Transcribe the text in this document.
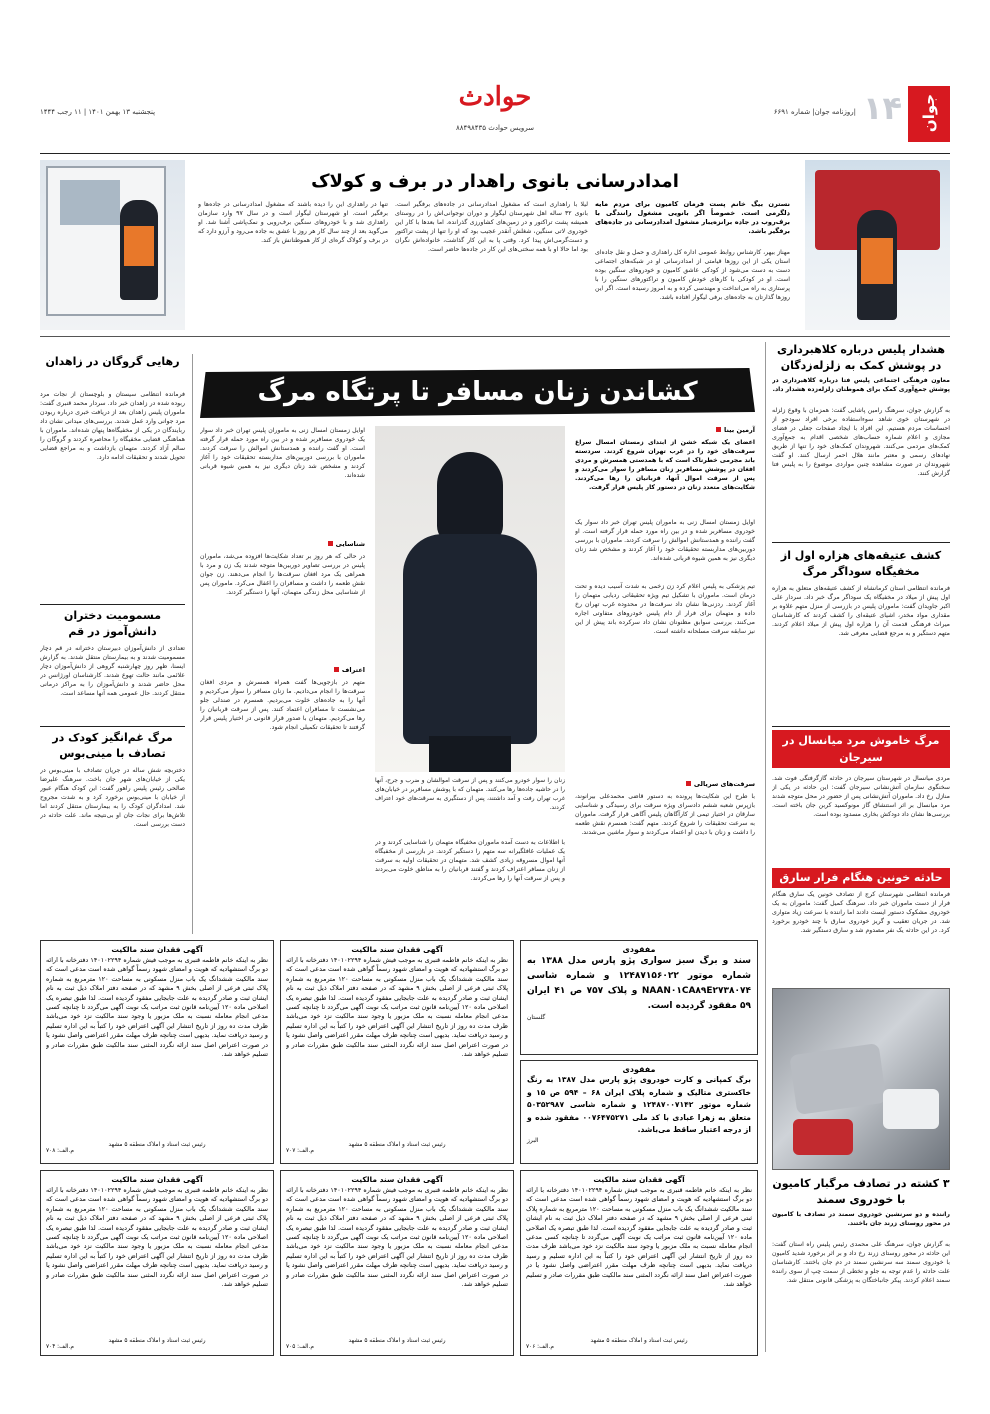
جوان
۱۴
|روزنامه جوان| شماره ۶۶۹۱
حوادث
سرویس حوادث ۸۸۴۹۸۴۳۵
پنجشنبه ۱۳ بهمن ۱۴۰۱ | ۱۱ رجب ۱۴۴۴
امدادرسانی بانوی راهدار در برف و کولاک
نسترن بیگ خانم پست فرمان کامیون برای مردم مایه دلگرمی است. خصوصاً اگر بانویی مشغول رانندگی با برف‌روب در جاده برانزه‌یبار مشغول امدادرسانی در جاده‌های برفگیر باشد.
مهناز بیهر، کارشناس روابط عمومی اداره کل راهداری و حمل و نقل جاده‌ای استان یکی از این روزها قیامتی از امدادرسانی او در شبکه‌های اجتماعی دست به دست می‌شود از کودکی عاشق کامیون و خودروهای سنگین بوده است. او در کودکی با کارهای خودش کامیون و تراکتورهای سنگین را با پرستاری به راه می‌انداخت و مهندسی کرده و به امروز رسیده است. اگر این روزها گذارتان به جاده‌های برفی لیگوار افتاده باشد.
لیلا با راهداری است که مشغول امدادرسانی در جاده‌های برفگیر است. بانوی ۳۲ ساله اهل شهرستان لیگوار و دوران نوجوانی‌اش را در روستای همیشه پشت تراکتور و در زمین‌های کشاورزی گذرانده. اما بعدها با کار این خودروی لاتی سنگین، شغلش آنقدر عجیب بود که او را تنها از پشت تراکتور و دست‌گرمی‌اش پیدا کرد. وقتی پا به این کار گذاشت، خانواده‌اش نگران بود اما حالا او با همه سختی‌های این کار در جاده‌ها حاضر است.
تنها در راهداری این را دیده باشند که مشغول امدادرسانی در جاده‌ها و برفگیر است. او شهرستان لیگوار است و در سال ۹۷ وارد سازمان راهداری شد و با خودروهای سنگین برف‌روبی و نمک‌پاشی آشنا شد. او می‌گوید بعد از چند سال کار هر روز با عشق به جاده می‌رود و آرزو دارد که در برف و کولاک گره‌ای از کار هموطنانش باز کند.
هشدار پلیس درباره کلاهبرداری در پوشش کمک به زلزله‌زدگان
معاون فرهنگی اجتماعی پلیس فتا درباره کلاهبرداری در پوشش جمع‌آوری کمک برای هموطنان زلزله‌زده هشدار داد.
به گزارش جوان، سرهنگ رامین پاشایی گفت: همزمان با وقوع زلزله در شهرستان خوی شاهد سوءاستفاده برخی افراد سودجو از احساسات مردم هستیم. این افراد با ایجاد صفحات جعلی در فضای مجازی و اعلام شماره حساب‌های شخصی اقدام به جمع‌آوری کمک‌های مردمی می‌کنند. شهروندان کمک‌های خود را تنها از طریق نهادهای رسمی و معتبر مانند هلال احمر ارسال کنند. او گفت شهروندان در صورت مشاهده چنین مواردی موضوع را به پلیس فتا گزارش کنند.
کشف عتیقه‌های هزاره اول از مخفیگاه سوداگر مرگ
فرمانده انتظامی استان کرمانشاه از کشف عتیقه‌های متعلق به هزاره اول پیش از میلاد در مخفیگاه یک سوداگر مرگ خبر داد. سردار علی اکبر جاویدان گفت: ماموران پلیس در بازرسی از منزل متهم علاوه بر مقداری مواد مخدر، اشیای عتیقه‌ای را کشف کردند که کارشناسان میراث فرهنگی قدمت آن را هزاره اول پیش از میلاد اعلام کردند. متهم دستگیر و به مرجع قضایی معرفی شد.
مرگ خاموش مرد میانسال در سیرجان
مردی میانسال در شهرستان سیرجان در حادثه گازگرفتگی فوت شد. سخنگوی سازمان آتش‌نشانی سیرجان گفت: این حادثه در یکی از منازل رخ داد. ماموران آتش‌نشانی پس از حضور در محل متوجه شدند مرد میانسال بر اثر استنشاق گاز مونوکسید کربن جان باخته است. بررسی‌ها نشان داد دودکش بخاری مسدود بوده است.
حادثه خونین هنگام فرار سارق
فرمانده انتظامی شهرستان کرج از تصادف خونین یک سارق هنگام فرار از دست ماموران خبر داد. سرهنگ کمیل گفت: ماموران به یک خودروی مشکوک دستور ایست دادند اما راننده با سرعت زیاد متواری شد. در جریان تعقیب و گریز خودروی سارق با چند خودرو برخورد کرد. در این حادثه یک نفر مصدوم شد و سارق دستگیر شد.
۳ کشته در تصادف مرگبار کامیون با خودروی سمند
راننده و دو سرنشین خودروی سمند در تصادف با کامیون در محور روستای زرند جان باختند.
به گزارش جوان، سرهنگ علی محمدی رئیس پلیس راه استان گفت: این حادثه در محور روستای زرند رخ داد و بر اثر برخورد شدید کامیون با خودروی سمند سه سرنشین سمند در دم جان باختند. کارشناسان علت حادثه را عدم توجه به جلو و تخطی از سمت چپ از سوی راننده سمند اعلام کردند. پیکر جانباختگان به پزشکی قانونی منتقل شد.
رهایی گروگان در زاهدان
فرمانده انتظامی سیستان و بلوچستان از نجات مرد ربوده شده در زاهدان خبر داد. سردار محمد قنبری گفت: ماموران پلیس زاهدان بعد از دریافت خبری درباره ربودن مرد جوانی وارد عمل شدند. بررسی‌های میدانی نشان داد ربایندگان در یکی از مخفیگاه‌ها پنهان شده‌اند. ماموران با هماهنگی قضایی مخفیگاه را محاصره کردند و گروگان را سالم آزاد کردند. متهمان بازداشت و به مراجع قضایی تحویل شدند و تحقیقات ادامه دارد.
مسمومیت دختران دانش‌آموز در قم
تعدادی از دانش‌آموزان دبیرستان دخترانه در قم دچار مسمومیت شدند و به بیمارستان منتقل شدند. به گزارش ایسنا، ظهر روز چهارشنبه گروهی از دانش‌آموزان دچار علائمی مانند حالت تهوع شدند. کارشناسان اورژانس در محل حاضر شدند و دانش‌آموزان را به مراکز درمانی منتقل کردند. حال عمومی همه آنها مساعد است.
مرگ غم‌انگیز کودک در تصادف با مینی‌بوس
دختربچه شش ساله در جریان تصادف با مینی‌بوس در یکی از خیابان‌های شهر جان باخت. سرهنگ علیرضا صالحی رئیس پلیس راهور گفت: این کودک هنگام عبور از خیابان با مینی‌بوس برخورد کرد و به شدت مجروح شد. امدادگران کودک را به بیمارستان منتقل کردند اما تلاش‌ها برای نجات جان او بی‌نتیجه ماند. علت حادثه در دست بررسی است.
کشاندن زنان مسافر تا پرتگاه مرگ
آرمین بینا
اعضای یک شبکه خشن از ابتدای زمستان امسال سراغ سرقت‌های خود را در غرب تهران شروع کردند. سردسته باند مجرمی خطرناک است که با همدستی همسرش و مردی افغان در پوشش مسافربر زنان مسافر را سوار می‌کردند و پس از سرقت اموال آنها، قربانیان را رها می‌کردند. شکایت‌های متعدد زنان در دستور کار پلیس قرار گرفت.
اوایل زمستان امسال زنی به ماموران پلیس تهران خبر داد سوار یک خودروی مسافربر شده و در بین راه مورد حمله قرار گرفته است. او گفت راننده و همدستانش اموالش را سرقت کردند. ماموران با بررسی دوربین‌های مداربسته تحقیقات خود را آغاز کردند و مشخص شد زنان دیگری نیز به همین شیوه قربانی شده‌اند.
تیم پزشکی به پلیس اعلام کرد زن زخمی به شدت آسیب دیده و تحت درمان است. ماموران با تشکیل تیم ویژه تحقیقاتی ردیابی متهمان را آغاز کردند. ردزنی‌ها نشان داد سرقت‌ها در محدوده غرب تهران رخ داده و متهمان برای فرار از دام پلیس خودروهای متفاوتی اجاره می‌کنند. بررسی سوابق مظنونان نشان داد سرکرده باند پیش از این نیز سابقه سرقت مسلحانه داشته است.
سرقت‌های سریالی
با طرح این شکایت‌ها پرونده به دستور قاضی محمدعلی بیرانوند، بازپرس شعبه ششم دادسرای ویژه سرقت برای رسیدگی و شناسایی سارقان در اختیار تیمی از کارآگاهان پلیس آگاهی قرار گرفت. ماموران به سرعت تحقیقات را شروع کردند. متهم گفت: همسرم نقش طعمه را داشت و زنان با دیدن او اعتماد می‌کردند و سوار ماشین می‌شدند.
زنان را سوار خودرو می‌کنند و پس از سرقت اموالشان و ضرب و جرح، آنها را در حاشیه جاده‌ها رها می‌کنند. متهمان که با پوشش مسافربر در خیابان‌های غرب تهران رفت و آمد داشتند، پس از دستگیری به سرقت‌های خود اعتراف کردند.
با اطلاعات به دست آمده ماموران مخفیگاه متهمان را شناسایی کردند و در یک عملیات غافلگیرانه سه متهم را دستگیر کردند. در بازرسی از مخفیگاه آنها اموال مسروقه زیادی کشف شد. متهمان در تحقیقات اولیه به سرقت از زنان مسافر اعتراف کردند و گفتند قربانیان را به مناطق خلوت می‌بردند و پس از سرقت آنها را رها می‌کردند.
اوایل زمستان امسال زنی به ماموران پلیس تهران خبر داد سوار یک خودروی مسافربر شده و در بین راه مورد حمله قرار گرفته است. او گفت راننده و همدستانش اموالش را سرقت کردند. ماموران با بررسی دوربین‌های مداربسته تحقیقات خود را آغاز کردند و مشخص شد زنان دیگری نیز به همین شیوه قربانی شده‌اند.
شناسایی
در حالی که هر روز بر تعداد شکایت‌ها افزوده می‌شد، ماموران پلیس در بررسی تصاویر دوربین‌ها متوجه شدند یک زن و مرد با همراهی یک مرد افغان سرقت‌ها را انجام می‌دهند. زن جوان نقش طعمه را داشت و مسافران را اغفال می‌کرد. ماموران پس از شناسایی محل زندگی متهمان، آنها را دستگیر کردند.
اعتراف
متهم در بازجویی‌ها گفت همراه همسرش و مردی افغان سرقت‌ها را انجام می‌دادیم. ما زنان مسافر را سوار می‌کردیم و آنها را به جاده‌های خلوت می‌بردیم. همسرم در صندلی جلو می‌نشست تا مسافران اعتماد کنند. پس از سرقت قربانیان را رها می‌کردیم. متهمان با صدور قرار قانونی در اختیار پلیس قرار گرفتند تا تحقیقات تکمیلی انجام شود.
مفقودی
سند و برگ سبز سواری پژو پارس مدل ۱۳۸۸ به شماره موتور ۱۲۴۸۷۱۵۶۰۲۲ و شماره شاسی NAAN۰۱CA۸۹E۲۷۳۸۰۷۴ و پلاک ۷۵۷ ص ۴۱ ایران ۵۹ مفقود گردیده است.
گلستان
مفقودی
برگ کمپانی و کارت خودروی پژو پارس مدل ۱۳۸۷ به رنگ خاکستری متالیک و شماره پلاک ایران ۶۸ – ۵۹۴ ص ۱۵ و شماره موتور ۱۲۴۸۷۰۰۷۱۴۲ و شماره شاسی ۵۰۳۵۲۹۸۷ متعلق به زهرا عبادی با کد ملی ۰۰۷۶۴۷۵۲۷۱ مفقود شده و از درجه اعتبار ساقط می‌باشد.
البرز
آگهی فقدان سند مالکیت
نظر به اینکه خانم فاطمه قنبری به موجب فیش شماره ۱۴۰۱۰۲۲۹۴ دفترخانه با ارائه دو برگ استشهادیه که هویت و امضای شهود رسماً گواهی شده است مدعی است که سند مالکیت ششدانگ یک باب منزل مسکونی به مساحت ۱۲۰ مترمربع به شماره پلاک ثبتی فرعی از اصلی بخش ۹ مشهد که در صفحه دفتر املاک ذیل ثبت به نام ایشان ثبت و صادر گردیده به علت جابجایی مفقود گردیده است. لذا طبق تبصره یک اصلاحی ماده ۱۲۰ آیین‌نامه قانون ثبت مراتب یک نوبت آگهی می‌گردد تا چنانچه کسی مدعی انجام معامله نسبت به ملک مزبور یا وجود سند مالکیت نزد خود می‌باشد ظرف مدت ده روز از تاریخ انتشار این آگهی اعتراض خود را کتباً به این اداره تسلیم و رسید دریافت نماید. بدیهی است چنانچه ظرف مهلت مقرر اعتراضی واصل نشود یا در صورت اعتراض اصل سند ارائه نگردد المثنی سند مالکیت طبق مقررات صادر و تسلیم خواهد شد.
رئیس ثبت اسناد و املاک منطقه ۵ مشهد
م.الف: ۷۰۷
آگهی فقدان سند مالکیت
نظر به اینکه خانم فاطمه قنبری به موجب فیش شماره ۱۴۰۱۰۲۲۹۴ دفترخانه با ارائه دو برگ استشهادیه که هویت و امضای شهود رسماً گواهی شده است مدعی است که سند مالکیت ششدانگ یک باب منزل مسکونی به مساحت ۱۲۰ مترمربع به شماره پلاک ثبتی فرعی از اصلی بخش ۹ مشهد که در صفحه دفتر املاک ذیل ثبت به نام ایشان ثبت و صادر گردیده به علت جابجایی مفقود گردیده است. لذا طبق تبصره یک اصلاحی ماده ۱۲۰ آیین‌نامه قانون ثبت مراتب یک نوبت آگهی می‌گردد تا چنانچه کسی مدعی انجام معامله نسبت به ملک مزبور یا وجود سند مالکیت نزد خود می‌باشد ظرف مدت ده روز از تاریخ انتشار این آگهی اعتراض خود را کتباً به این اداره تسلیم و رسید دریافت نماید. بدیهی است چنانچه ظرف مهلت مقرر اعتراضی واصل نشود یا در صورت اعتراض اصل سند ارائه نگردد المثنی سند مالکیت طبق مقررات صادر و تسلیم خواهد شد.
رئیس ثبت اسناد و املاک منطقه ۵ مشهد
م.الف: ۷۰۸
آگهی فقدان سند مالکیت
نظر به اینکه خانم فاطمه قنبری به موجب فیش شماره ۱۴۰۱۰۲۲۹۴ دفترخانه با ارائه دو برگ استشهادیه که هویت و امضای شهود رسماً گواهی شده است مدعی است که سند مالکیت ششدانگ یک باب منزل مسکونی به مساحت ۱۲۰ مترمربع به شماره پلاک ثبتی فرعی از اصلی بخش ۹ مشهد که در صفحه دفتر املاک ذیل ثبت به نام ایشان ثبت و صادر گردیده به علت جابجایی مفقود گردیده است. لذا طبق تبصره یک اصلاحی ماده ۱۲۰ آیین‌نامه قانون ثبت مراتب یک نوبت آگهی می‌گردد تا چنانچه کسی مدعی انجام معامله نسبت به ملک مزبور یا وجود سند مالکیت نزد خود می‌باشد ظرف مدت ده روز از تاریخ انتشار این آگهی اعتراض خود را کتباً به این اداره تسلیم و رسید دریافت نماید. بدیهی است چنانچه ظرف مهلت مقرر اعتراضی واصل نشود یا در صورت اعتراض اصل سند ارائه نگردد المثنی سند مالکیت طبق مقررات صادر و تسلیم خواهد شد.
رئیس ثبت اسناد و املاک منطقه ۵ مشهد
م.الف: ۷۰۶
آگهی فقدان سند مالکیت
نظر به اینکه خانم فاطمه قنبری به موجب فیش شماره ۱۴۰۱۰۲۲۹۴ دفترخانه با ارائه دو برگ استشهادیه که هویت و امضای شهود رسماً گواهی شده است مدعی است که سند مالکیت ششدانگ یک باب منزل مسکونی به مساحت ۱۲۰ مترمربع به شماره پلاک ثبتی فرعی از اصلی بخش ۹ مشهد که در صفحه دفتر املاک ذیل ثبت به نام ایشان ثبت و صادر گردیده به علت جابجایی مفقود گردیده است. لذا طبق تبصره یک اصلاحی ماده ۱۲۰ آیین‌نامه قانون ثبت مراتب یک نوبت آگهی می‌گردد تا چنانچه کسی مدعی انجام معامله نسبت به ملک مزبور یا وجود سند مالکیت نزد خود می‌باشد ظرف مدت ده روز از تاریخ انتشار این آگهی اعتراض خود را کتباً به این اداره تسلیم و رسید دریافت نماید. بدیهی است چنانچه ظرف مهلت مقرر اعتراضی واصل نشود یا در صورت اعتراض اصل سند ارائه نگردد المثنی سند مالکیت طبق مقررات صادر و تسلیم خواهد شد.
رئیس ثبت اسناد و املاک منطقه ۵ مشهد
م.الف: ۷۰۵
آگهی فقدان سند مالکیت
نظر به اینکه خانم فاطمه قنبری به موجب فیش شماره ۱۴۰۱۰۲۲۹۴ دفترخانه با ارائه دو برگ استشهادیه که هویت و امضای شهود رسماً گواهی شده است مدعی است که سند مالکیت ششدانگ یک باب منزل مسکونی به مساحت ۱۲۰ مترمربع به شماره پلاک ثبتی فرعی از اصلی بخش ۹ مشهد که در صفحه دفتر املاک ذیل ثبت به نام ایشان ثبت و صادر گردیده به علت جابجایی مفقود گردیده است. لذا طبق تبصره یک اصلاحی ماده ۱۲۰ آیین‌نامه قانون ثبت مراتب یک نوبت آگهی می‌گردد تا چنانچه کسی مدعی انجام معامله نسبت به ملک مزبور یا وجود سند مالکیت نزد خود می‌باشد ظرف مدت ده روز از تاریخ انتشار این آگهی اعتراض خود را کتباً به این اداره تسلیم و رسید دریافت نماید. بدیهی است چنانچه ظرف مهلت مقرر اعتراضی واصل نشود یا در صورت اعتراض اصل سند ارائه نگردد المثنی سند مالکیت طبق مقررات صادر و تسلیم خواهد شد.
رئیس ثبت اسناد و املاک منطقه ۵ مشهد
م.الف: ۷۰۴
